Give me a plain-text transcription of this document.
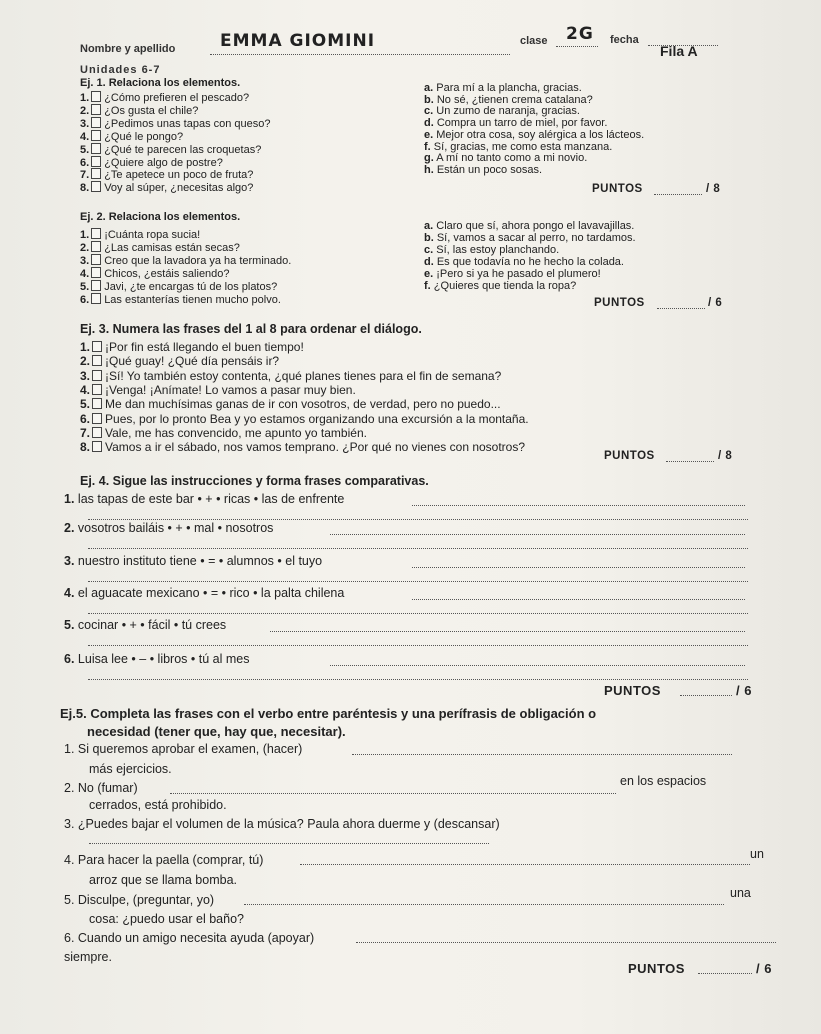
Nombre y apellido	EMMA GIOMINI	clase 2G fecha
Fila A
Unidades 6-7
Ej. 1. Relaciona los elementos.
1. ¿Cómo prefieren el pescado?
2. ¿Os gusta el chile?
3. ¿Pedimos unas tapas con queso?
4. ¿Qué le pongo?
5. ¿Qué te parecen las croquetas?
6. ¿Quiere algo de postre?
7. ¿Te apetece un poco de fruta?
8. Voy al súper, ¿necesitas algo?
a. Para mí a la plancha, gracias.
b. No sé, ¿tienen crema catalana?
c. Un zumo de naranja, gracias.
d. Compra un tarro de miel, por favor.
e. Mejor otra cosa, soy alérgica a los lácteos.
f. Sí, gracias, me como esta manzana.
g. A mí no tanto como a mi novio.
h. Están un poco sosas.
PUNTOS	/ 8
Ej. 2. Relaciona los elementos.
1. ¡Cuánta ropa sucia!
2. ¿Las camisas están secas?
3. Creo que la lavadora ya ha terminado.
4. Chicos, ¿estáis saliendo?
5. Javi, ¿te encargas tú de los platos?
6. Las estanterías tienen mucho polvo.
a. Claro que sí, ahora pongo el lavavajillas.
b. Sí, vamos a sacar al perro, no tardamos.
c. Sí, las estoy planchando.
d. Es que todavía no he hecho la colada.
e. ¡Pero si ya he pasado el plumero!
f. ¿Quieres que tienda la ropa?
PUNTOS	/ 6
Ej. 3. Numera las frases del 1 al 8 para ordenar el diálogo.
1. ¡Por fin está llegando el buen tiempo!
2. ¡Qué guay! ¿Qué día pensáis ir?
3. ¡Sí! Yo también estoy contenta, ¿qué planes tienes para el fin de semana?
4. ¡Venga! ¡Anímate! Lo vamos a pasar muy bien.
5. Me dan muchísimas ganas de ir con vosotros, de verdad, pero no puedo...
6. Pues, por lo pronto Bea y yo estamos organizando una excursión a la montaña.
7. Vale, me has convencido, me apunto yo también.
8. Vamos a ir el sábado, nos vamos temprano. ¿Por qué no vienes con nosotros?
PUNTOS	/ 8
Ej. 4. Sigue las instrucciones y forma frases comparativas.
1. las tapas de este bar • + • ricas • las de enfrente
2. vosotros bailáis • + • mal • nosotros
3. nuestro instituto tiene • = • alumnos • el tuyo
4. el aguacate mexicano • = • rico • la palta chilena
5. cocinar • + • fácil • tú crees
6. Luisa lee • – • libros • tú al mes
PUNTOS	/ 6
Ej.5. Completa las frases con el verbo entre paréntesis y una perífrasis de obligación o
necesidad (tener que, hay que, necesitar).
1. Si queremos aprobar el examen, (hacer)
más ejercicios.
2. No (fumar)	en los espacios
cerrados, está prohibido.
3. ¿Puedes bajar el volumen de la música? Paula ahora duerme y (descansar)
4. Para hacer la paella (comprar, tú)	un
arroz que se llama bomba.
5. Disculpe, (preguntar, yo)	una
cosa: ¿puedo usar el baño?
6. Cuando un amigo necesita ayuda (apoyar)
siempre.
PUNTOS	/ 6
